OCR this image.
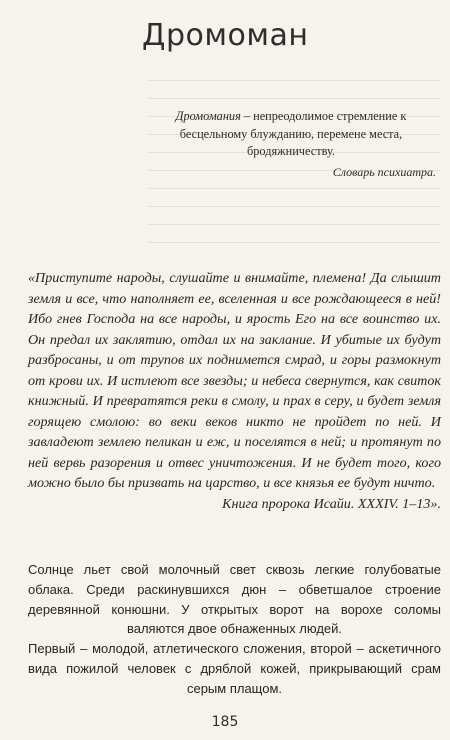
Дромоман
Дромомания – непреодолимое стремление к бесцельному блужданию, перемене места, бродяжничеству.
Словарь психиатра.

«Приступите народы, слушайте и внимайте, племена! Да слышит земля и все, что наполняет ее, вселенная и все рождающееся в ней! Ибо гнев Господа на все народы, и ярость Его на все воинство их. Он предал их заклятию, отдал их на заклание. И убитые их будут разбросаны, и от трупов их поднимется смрад, и горы размокнут от крови их. И истлеют все звезды; и небеса свернутся, как свиток книжный. И превратятся реки в смолу, и прах в серу, и будет земля горящею смолою: во веки веков никто не пройдет по ней. И завладеют землею пеликан и еж, и поселятся в ней; и протянут по ней вервь разорения и отвес уничтожения. И не будет того, кого можно было бы призвать на царство, и все князья ее будут ничто.

Книга пророка Исайи. XXXIV. 1–13».

Солнце льет свой молочный свет сквозь легкие голубоватые облака. Среди раскинувшихся дюн – обветшалое строение деревянной конюшни. У открытых ворот на ворохе соломы валяются двое обнаженных людей.

Первый – молодой, атлетического сложения, второй – аскетичного вида пожилой человек с дряблой кожей, прикрывающий срам серым плащом.

185
